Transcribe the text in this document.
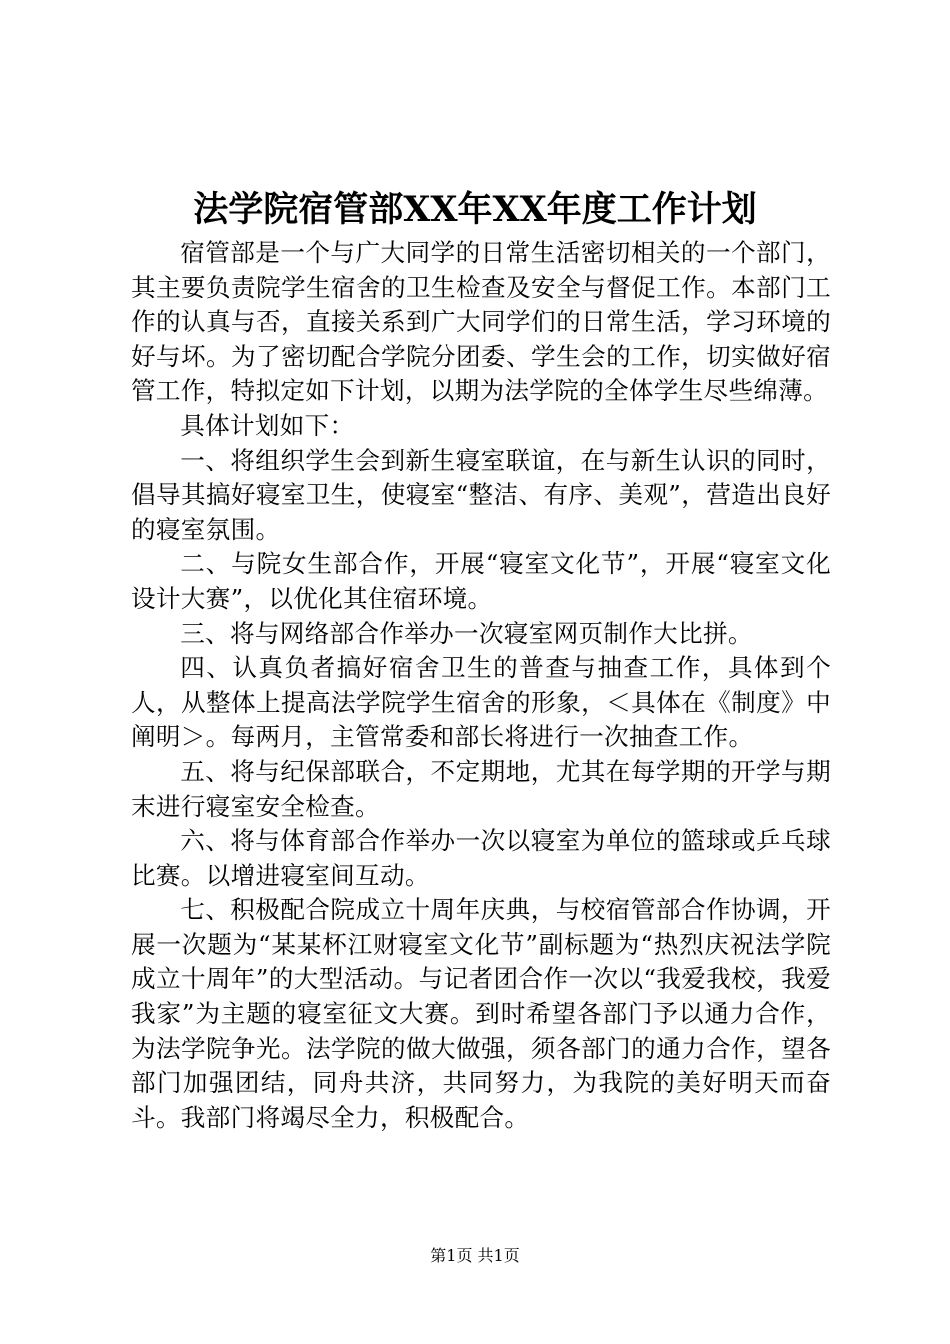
法学院宿管部XX年XX年度工作计划

宿管部是一个与广大同学的日常生活密切相关的一个部门，其主要负责院学生宿舍的卫生检查及安全与督促工作。本部门工作的认真与否，直接关系到广大同学们的日常生活，学习环境的好与坏。为了密切配合学院分团委、学生会的工作，切实做好宿管工作，特拟定如下计划，以期为法学院的全体学生尽些绵薄。

具体计划如下：

一、将组织学生会到新生寝室联谊，在与新生认识的同时，倡导其搞好寝室卫生，使寝室“整洁、有序、美观”，营造出良好的寝室氛围。

二、与院女生部合作，开展“寝室文化节”，开展“寝室文化设计大赛”，以优化其住宿环境。

三、将与网络部合作举办一次寝室网页制作大比拼。

四、认真负者搞好宿舍卫生的普查与抽查工作，具体到个人，从整体上提高法学院学生宿舍的形象，＜具体在《制度》中阐明＞。每两月，主管常委和部长将进行一次抽查工作。

五、将与纪保部联合，不定期地，尤其在每学期的开学与期末进行寝室安全检查。

六、将与体育部合作举办一次以寝室为单位的篮球或乒乓球比赛。以增进寝室间互动。

七、积极配合院成立十周年庆典，与校宿管部合作协调，开展一次题为“某某杯江财寝室文化节”副标题为“热烈庆祝法学院成立十周年”的大型活动。与记者团合作一次以“我爱我校，我爱我家”为主题的寝室征文大赛。到时希望各部门予以通力合作，为法学院争光。法学院的做大做强，须各部门的通力合作，望各部门加强团结，同舟共济，共同努力，为我院的美好明天而奋斗。我部门将竭尽全力，积极配合。

第1页 共1页
